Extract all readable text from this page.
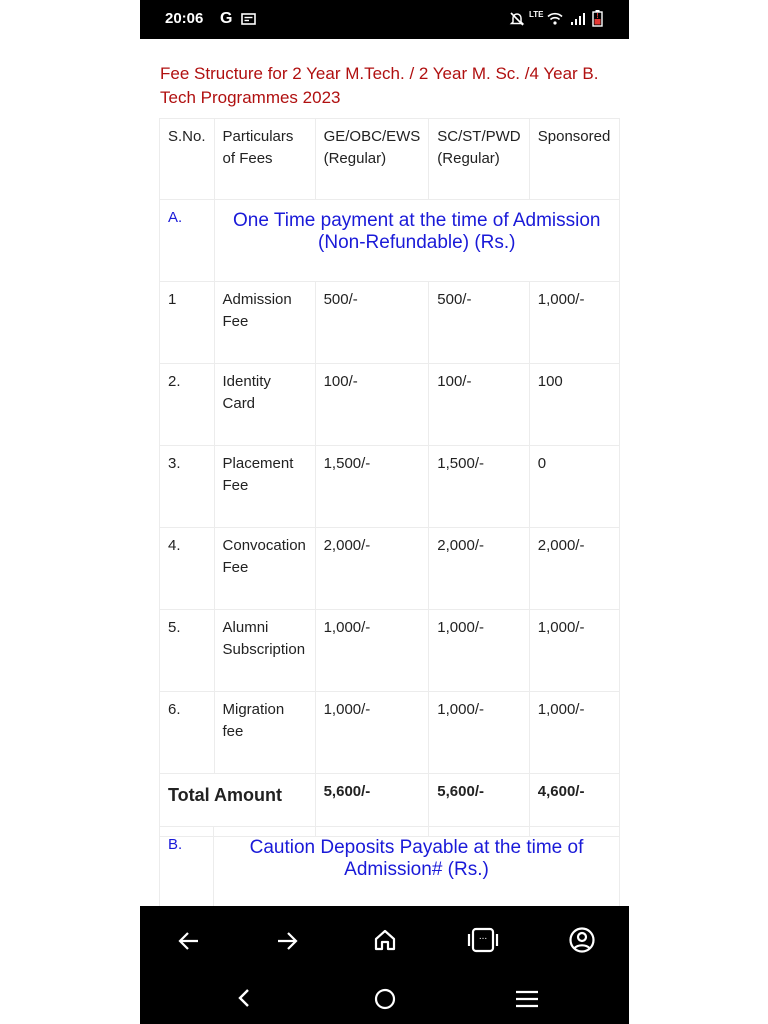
20:06 G	LTE	!
Fee Structure for 2 Year M.Tech. / 2 Year M. Sc. /4 Year B. Tech Programmes 2023
S.No.	Particulars of Fees	GE/OBC/EWS (Regular)	SC/ST/PWD (Regular)	Sponsored
A.	One Time payment at the time of Admission (Non-Refundable) (Rs.)			
1	Admission Fee	500/-	500/-	1,000/-
2.	Identity Card	100/-	100/-	100
3.	Placement Fee	1,500/-	1,500/-	0
4.	Convocation Fee	2,000/-	2,000/-	2,000/-
5.	Alumni Subscription	1,000/-	1,000/-	1,000/-
6.	Migration fee	1,000/-	1,000/-	1,000/-
Total Amount		5,600/-	5,600/-	4,600/-
B.	Caution Deposits Payable at the time of Admission# (Rs.)
...
